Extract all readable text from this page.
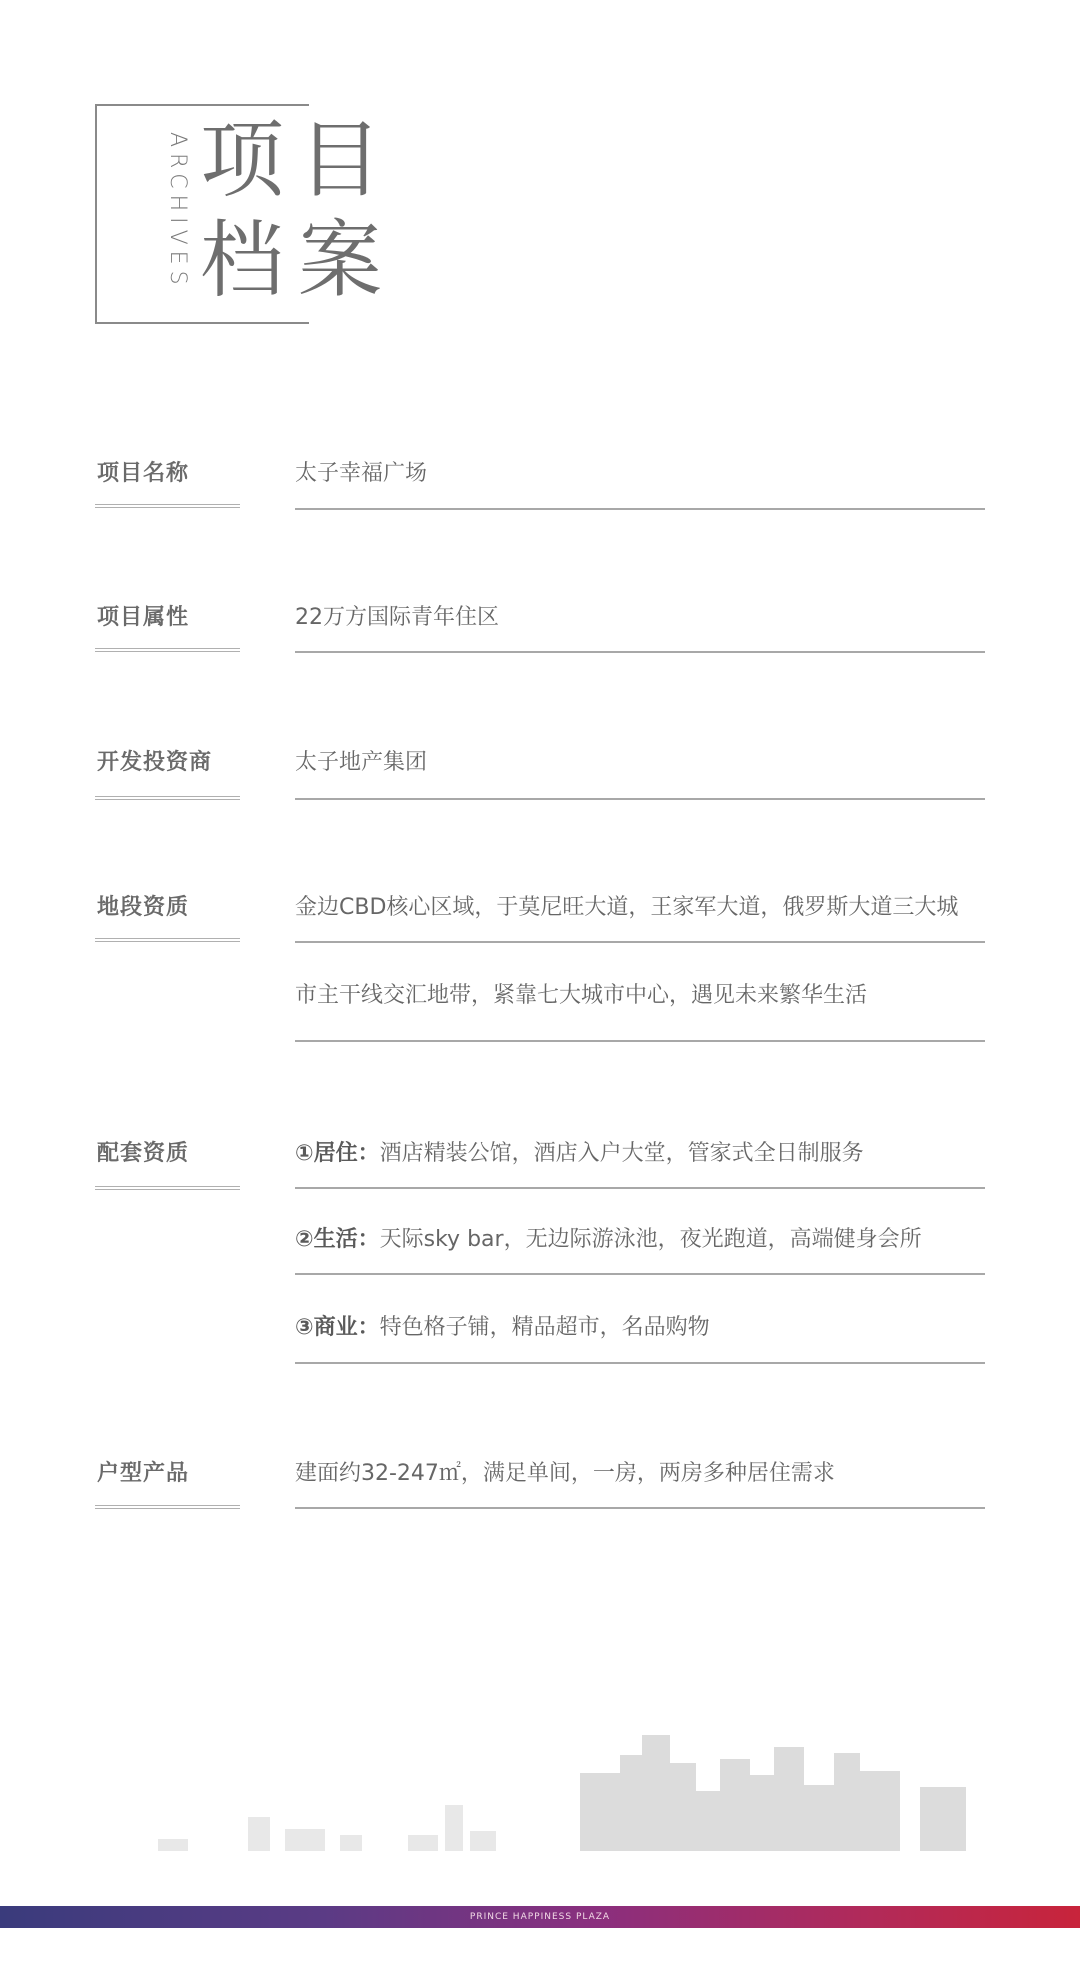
ARCHIVES 项 目
档 案
项目名称	太子幸福广场
项目属性	22万方国际青年住区
开发投资商	太子地产集团
地段资质	金边CBD核心区域，于莫尼旺大道，王家军大道，俄罗斯大道三大城
市主干线交汇地带，紧靠七大城市中心，遇见未来繁华生活
配套资质	①居住：酒店精装公馆，酒店入户大堂，管家式全日制服务
②生活：天际sky bar，无边际游泳池，夜光跑道，高端健身会所
③商业：特色格子铺，精品超市，名品购物
户型产品	建面约32-247㎡，满足单间，一房，两房多种居住需求
PRINCE HAPPINESS PLAZA
